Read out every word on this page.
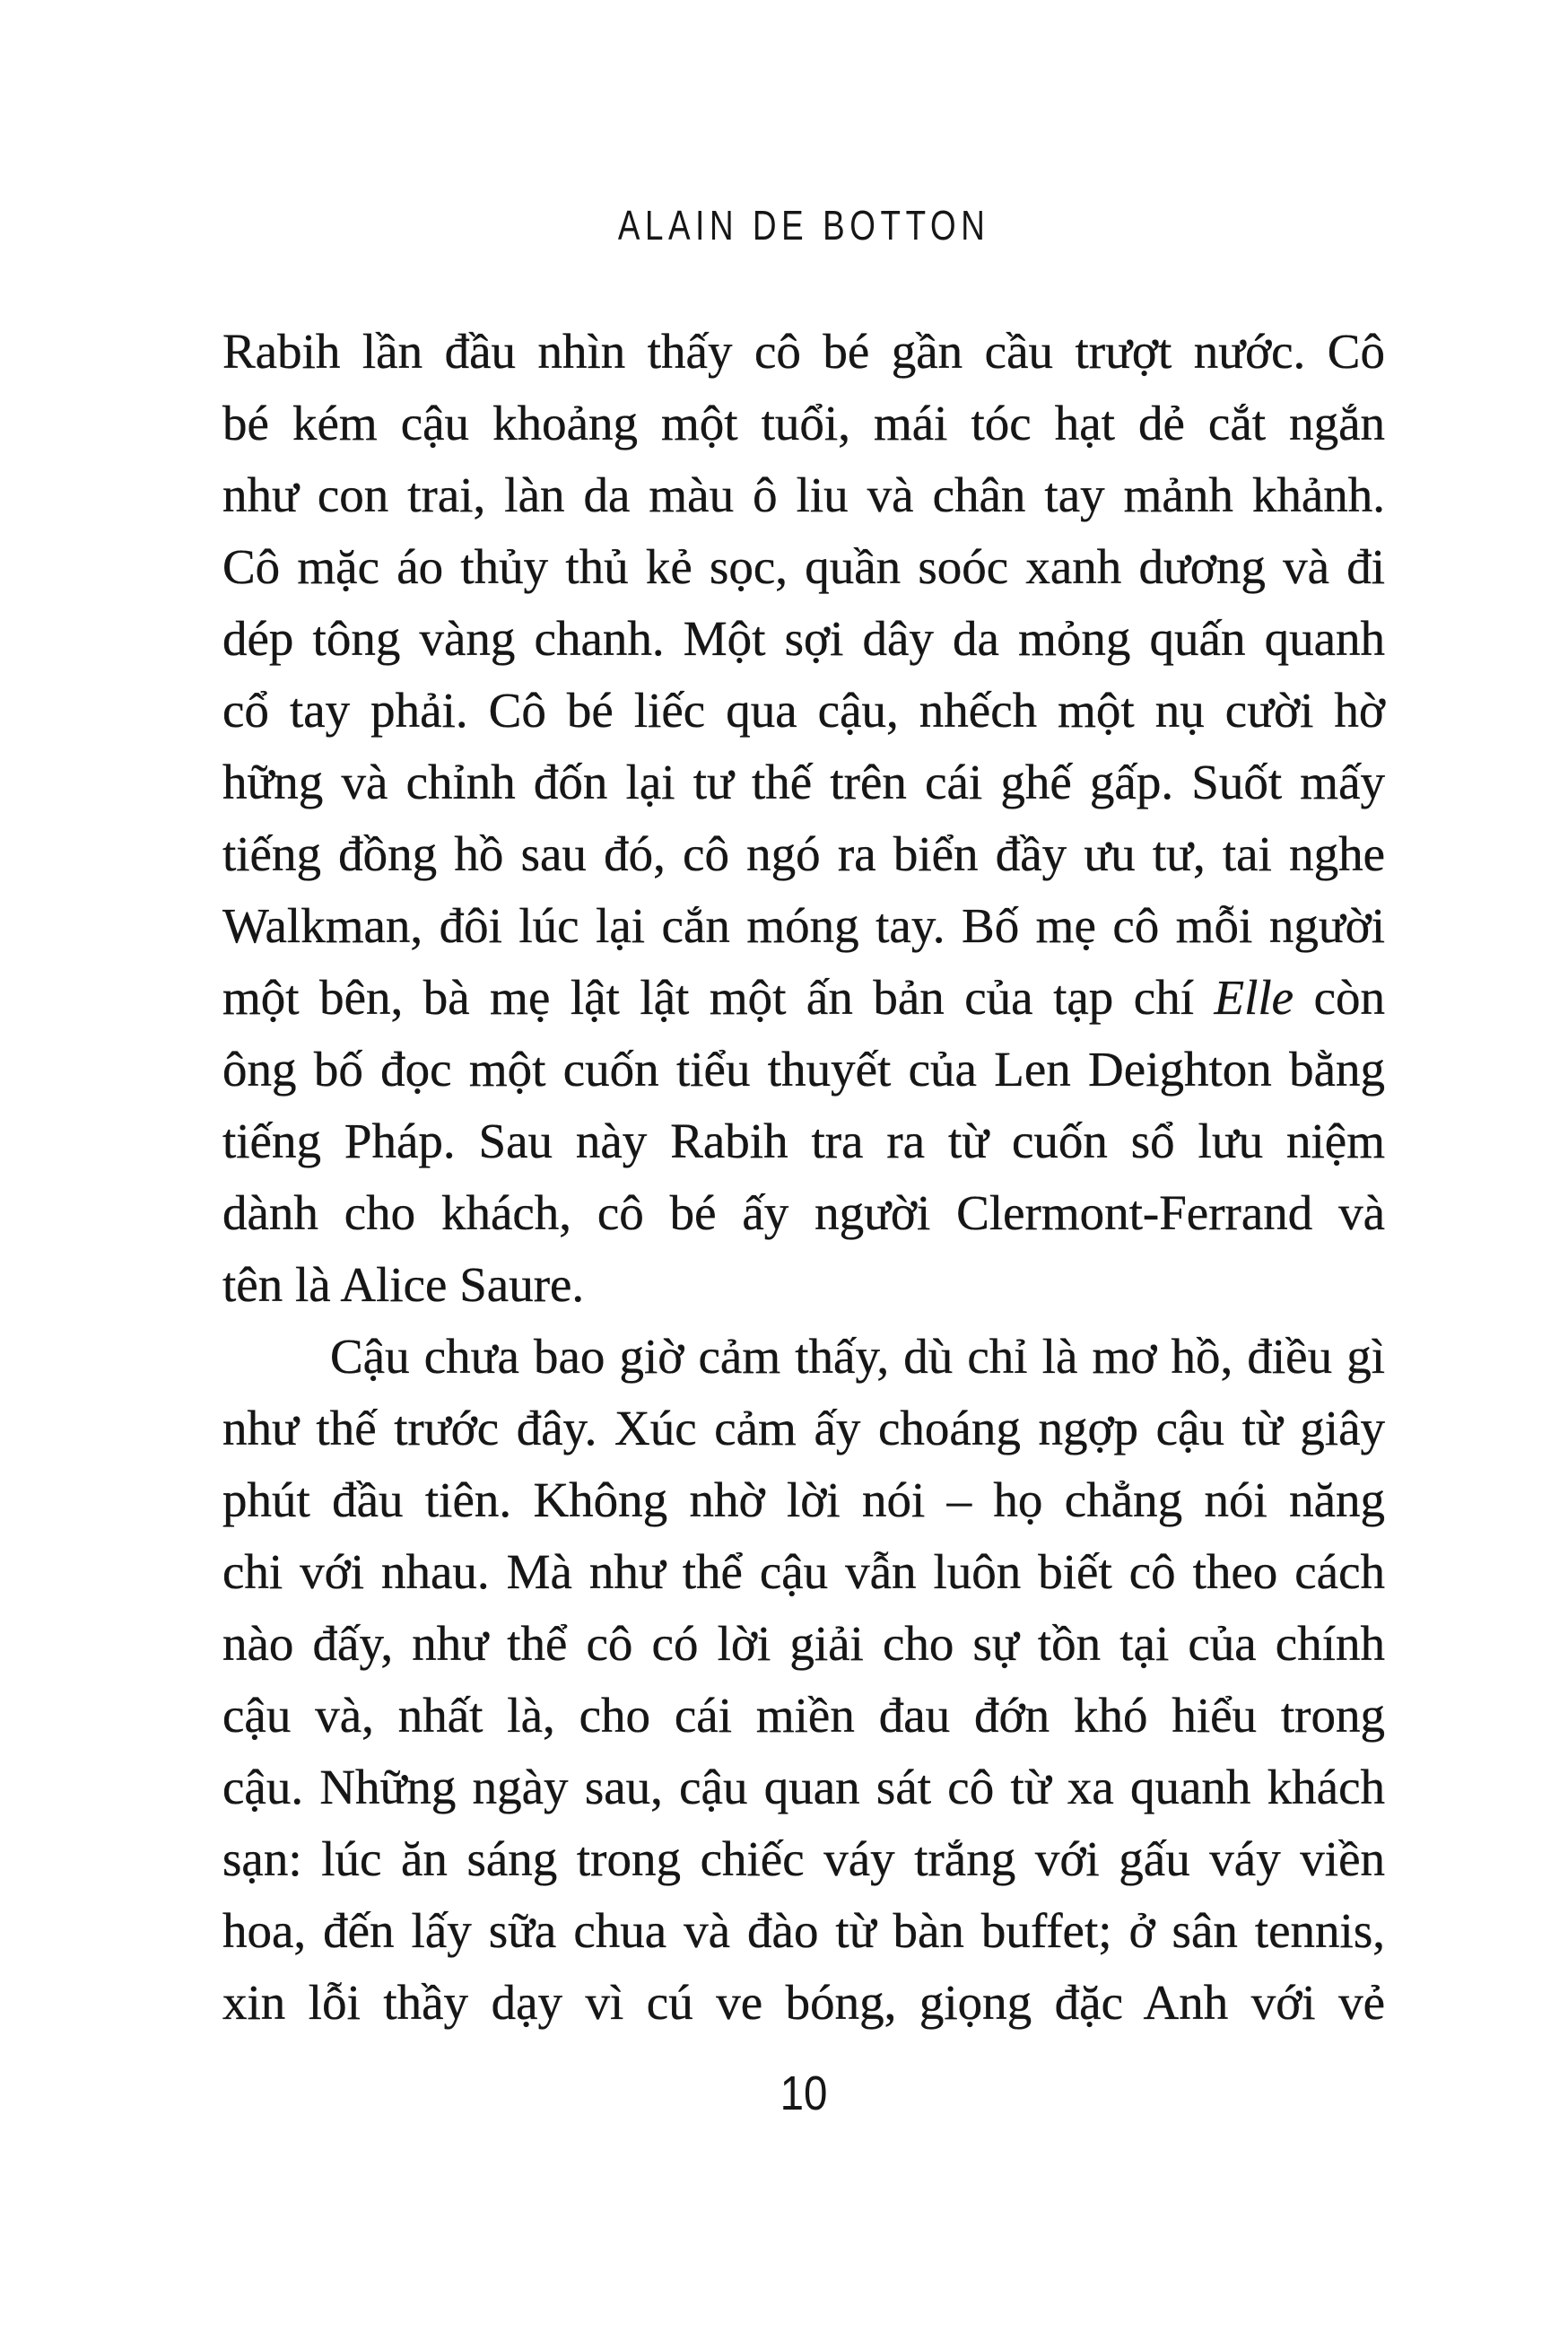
ALAIN DE BOTTON
Rabih lần đầu nhìn thấy cô bé gần cầu trượt nước. Cô
bé kém cậu khoảng một tuổi, mái tóc hạt dẻ cắt ngắn
như con trai, làn da màu ô liu và chân tay mảnh khảnh.
Cô mặc áo thủy thủ kẻ sọc, quần soóc xanh dương và đi
dép tông vàng chanh. Một sợi dây da mỏng quấn quanh
cổ tay phải. Cô bé liếc qua cậu, nhếch một nụ cười hờ
hững và chỉnh đốn lại tư thế trên cái ghế gấp. Suốt mấy
tiếng đồng hồ sau đó, cô ngó ra biển đầy ưu tư, tai nghe
Walkman, đôi lúc lại cắn móng tay. Bố mẹ cô mỗi người
một bên, bà mẹ lật lật một ấn bản của tạp chí Elle còn
ông bố đọc một cuốn tiểu thuyết của Len Deighton bằng
tiếng Pháp. Sau này Rabih tra ra từ cuốn sổ lưu niệm
dành cho khách, cô bé ấy người Clermont-Ferrand và
tên là Alice Saure.
Cậu chưa bao giờ cảm thấy, dù chỉ là mơ hồ, điều gì
như thế trước đây. Xúc cảm ấy choáng ngợp cậu từ giây
phút đầu tiên. Không nhờ lời nói – họ chẳng nói năng
chi với nhau. Mà như thể cậu vẫn luôn biết cô theo cách
nào đấy, như thể cô có lời giải cho sự tồn tại của chính
cậu và, nhất là, cho cái miền đau đớn khó hiểu trong
cậu. Những ngày sau, cậu quan sát cô từ xa quanh khách
sạn: lúc ăn sáng trong chiếc váy trắng với gấu váy viền
hoa, đến lấy sữa chua và đào từ bàn buffet; ở sân tennis,
xin lỗi thầy dạy vì cú ve bóng, giọng đặc Anh với vẻ
10
